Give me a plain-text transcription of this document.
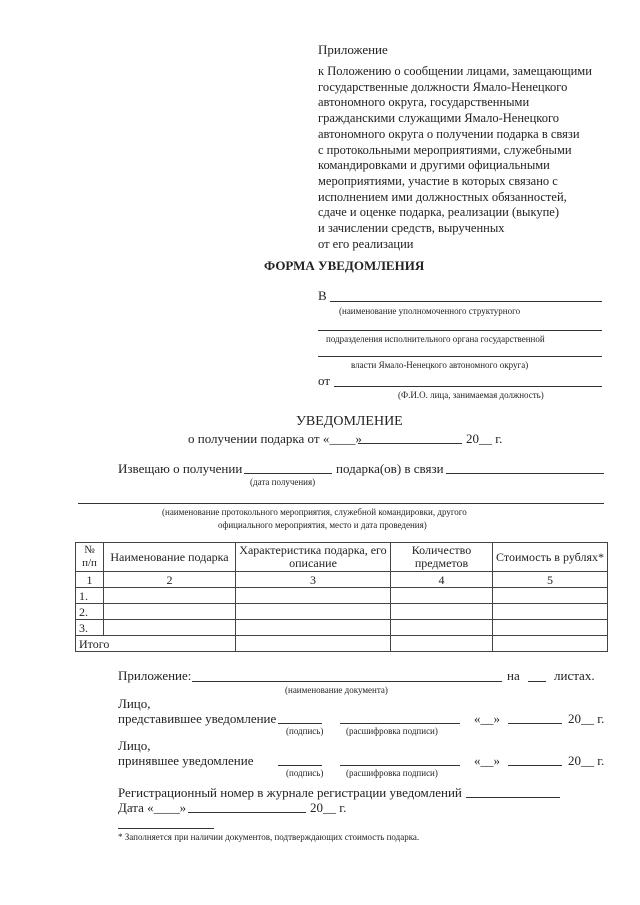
Приложение
к Положению о сообщении лицами, замещающими
государственные должности Ямало-Ненецкого
автономного округа, государственными
гражданскими служащими Ямало-Ненецкого
автономного округа о получении подарка в связи
с протокольными мероприятиями, служебными
командировками и другими официальными
мероприятиями, участие в которых связано с
исполнением ими должностных обязанностей,
сдаче и оценке подарка, реализации (выкупе)
и зачислении средств, вырученных
от его реализации
ФОРМА УВЕДОМЛЕНИЯ
В
(наименование уполномоченного структурного
подразделения исполнительного органа государственной
власти Ямало-Ненецкого автономного округа)
от
(Ф.И.О. лица, занимаемая должность)
УВЕДОМЛЕНИЕ
о получении подарка от «____»	20__ г.
Извещаю о получении	подарка(ов) в связи
(дата получения)
(наименование протокольного мероприятия, служебной командировки, другого
официального мероприятия, место и дата проведения)
№ п/п	Наименование подарка	Характеристика подарка, его описание	Количество предметов	Стоимость в рублях*
1	2	3	4	5
1.				
2.				
3.				
Итого				
Приложение:	на	листах.
(наименование документа)
Лицо,
представившее уведомление	«__»	20__ г.
(подпись)	(расшифровка подписи)
Лицо,
принявшее уведомление	«__»	20__ г.
(подпись)	(расшифровка подписи)
Регистрационный номер в журнале регистрации уведомлений
Дата «____»	20__ г.
* Заполняется при наличии документов, подтверждающих стоимость подарка.
